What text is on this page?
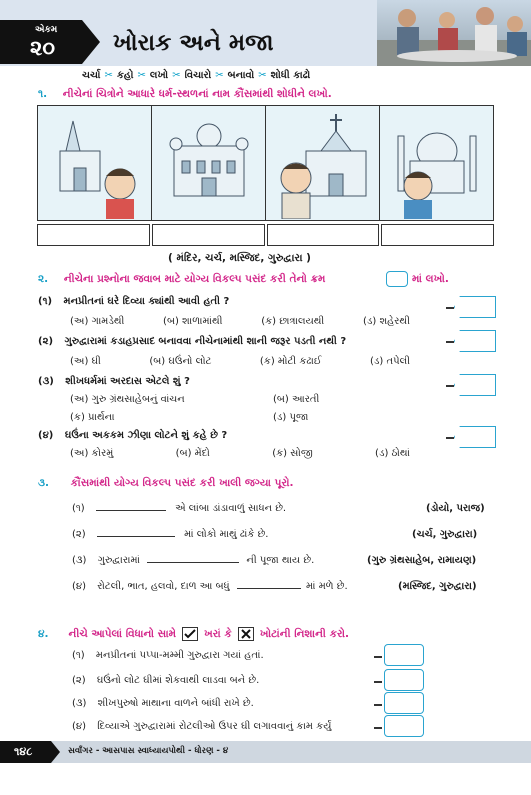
એકમ
૨૦	ખોરાક અને મજા
ચર્ચા ✂ કહો ✂ લખો ✂ વિચારો ✂ બનાવો ✂ શોધી કાઢો
૧. નીચેનાં ચિત્રોને આધારે ધર્મ-સ્થળનાં નામ કૌંસમાંથી શોધીને લખો.
( મંદિર, ચર્ચ, મસ્જિદ, ગુરુદ્વારા )
૨. નીચેના પ્રશ્નોના જવાબ માટે યોગ્ય વિકલ્પ પસંદ કરી તેનો ક્રમ	માં લખો.
(૧) મનપ્રીતનાં ઘરે દિવ્યા ક્યાંથી આવી હતી ?
(અ) ગામડેથી	(બ) શાળામાંથી	(ક) છાત્રાલયથી	(ડ) શહેરથી
(૨) ગુરુદ્વારામાં કડાહપ્રસાદ બનાવવા નીચેનામાંથી શાની જરૂર પડતી નથી ?
(અ) ઘી	(બ) ઘઉંનો લોટ	(ક) મોટી કઢાઈ	(ડ) તપેલી
(૩) શીખધર્મમાં અરદાસ એટલે શું ?
(અ) ગુરુ ગ્રંથસાહેબનું વાંચન	(બ) આરતી
(ક) પ્રાર્થના	(ડ) પૂજા
(૪) ઘઉંના અકકમ ઝીણા લોટને શું કહે છે ?
(અ) કોરમું	(બ) મેંદો	(ક) સોજી	(ડ) ઠોથાં
૩. કૌંસમાંથી યોગ્ય વિકલ્પ પસંદ કરી ખાલી જગ્યા પૂરો.
(૧)	એ લાંબા ડાંડાવાળું સાધન છે.	(ડોયો, પરાજ)
(૨)	માં લોકો માથું ઢાંકે છે.	(ચર્ચ, ગુરુદ્વારા)
(૩) ગુરુદ્વારામાં	ની પૂજા થાય છે.	(ગુરુ ગ્રંથસાહેબ, રામાયણ)
(૪) રોટલી, ભાત, હલવો, દાળ આ બધું	માં મળે છે.	(મસ્જિદ, ગુરુદ્વારા)
૪. નીચે આપેલાં વિધાનો સામે	ખરાં કે	ખોટાંની નિશાની કરો.
(૧) મનપ્રીતનાં પપ્પા-મમ્મી ગુરુદ્વારા ગયાં હતાં.
(૨) ઘઉંનો લોટ ઘીમાં શેકવાથી લાડવા બને છે.
(૩) શીખપુરુષો માથાના વાળને બાંધી રાખે છે.
(૪) દિવ્યાએ ગુરુદ્વારામાં રોટલીઓ ઉપર ઘી લગાવવાનું કામ કર્યું
૧૪૮	સર્વાંગર - આસપાસ સ્વાધ્યાયપોથી - ધોરણ - ૪
